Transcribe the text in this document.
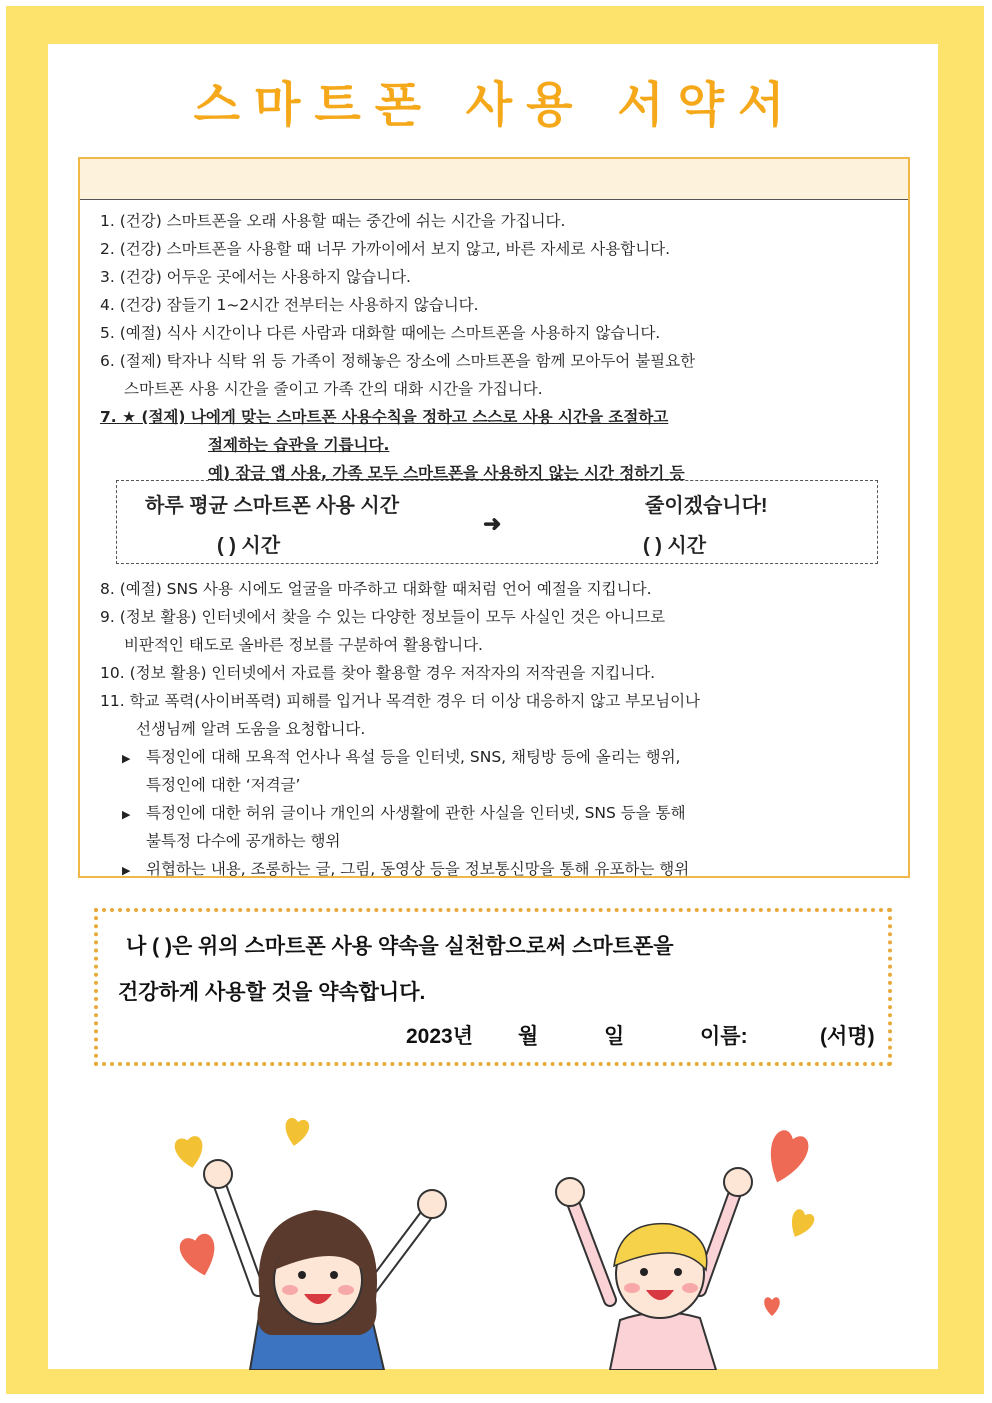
스마트폰 사용 서약서
1. (건강) 스마트폰을 오래 사용할 때는 중간에 쉬는 시간을 가집니다.
2. (건강) 스마트폰을 사용할 때 너무 가까이에서 보지 않고, 바른 자세로 사용합니다.
3. (건강) 어두운 곳에서는 사용하지 않습니다.
4. (건강) 잠들기 1~2시간 전부터는 사용하지 않습니다.
5. (예절) 식사 시간이나 다른 사람과 대화할 때에는 스마트폰을 사용하지 않습니다.
6. (절제) 탁자나 식탁 위 등 가족이 정해놓은 장소에 스마트폰을 함께 모아두어 불필요한
스마트폰 사용 시간을 줄이고 가족 간의 대화 시간을 가집니다.
7. ★ (절제) 나에게 맞는 스마트폰 사용수칙을 정하고 스스로 사용 시간을 조절하고
절제하는 습관을 기릅니다.
예) 잠금 앱 사용, 가족 모두 스마트폰을 사용하지 않는 시간 정하기 등
하루 평균 스마트폰 사용 시간
( ) 시간
➜
줄이겠습니다!
( ) 시간
8. (예절) SNS 사용 시에도 얼굴을 마주하고 대화할 때처럼 언어 예절을 지킵니다.
9. (정보 활용) 인터넷에서 찾을 수 있는 다양한 정보들이 모두 사실인 것은 아니므로
비판적인 태도로 올바른 정보를 구분하여 활용합니다.
10. (정보 활용) 인터넷에서 자료를 찾아 활용할 경우 저작자의 저작권을 지킵니다.
11. 학교 폭력(사이버폭력) 피해를 입거나 목격한 경우 더 이상 대응하지 않고 부모님이나
선생님께 알려 도움을 요청합니다.
▶ 특정인에 대해 모욕적 언사나 욕설 등을 인터넷, SNS, 채팅방 등에 올리는 행위,
특정인에 대한 ‘저격글’
▶ 특정인에 대한 허위 글이나 개인의 사생활에 관한 사실을 인터넷, SNS 등을 통해
불특정 다수에 공개하는 행위
▶ 위협하는 내용, 조롱하는 글, 그림, 동영상 등을 정보통신망을 통해 유포하는 행위
나 ( )은 위의 스마트폰 사용 약속을 실천함으로써 스마트폰을
건강하게 사용할 것을 약속합니다.
2023년 월	일	이름:	(서명)
